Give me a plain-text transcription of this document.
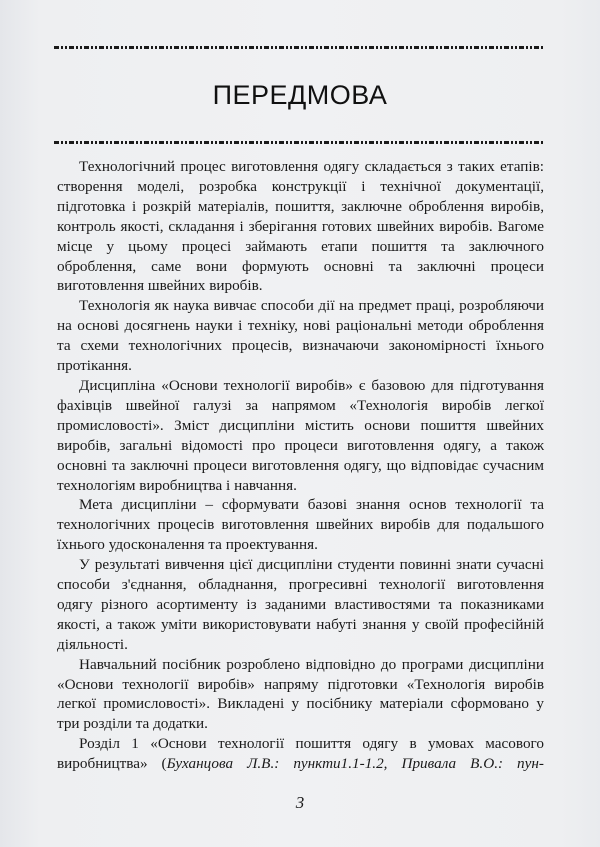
ПЕРЕДМОВА

Технологічний процес виготовлення одягу складається з таких етапів: створення моделі, розробка конструкції і технічної документації, підготовка і розкрій матеріалів, пошиття, заключне оброблення виробів, контроль якості, складання і зберігання готових швейних виробів. Вагоме місце у цьому процесі займають етапи пошиття та заключного оброблення, саме вони формують основні та заключні процеси виготовлення швейних виробів.

Технологія як наука вивчає способи дії на предмет праці, розробляючи на основі досягнень науки і техніку, нові раціональні методи оброблення та схеми технологічних процесів, визначаючи закономірності їхнього протікання.

Дисципліна «Основи технології виробів» є базовою для підготування фахівців швейної галузі за напрямом «Технологія виробів легкої промисловості». Зміст дисципліни містить основи пошиття швейних виробів, загальні відомості про процеси виготовлення одягу, а також основні та заключні процеси виготовлення одягу, що відповідає сучасним технологіям виробництва і навчання.

Мета дисципліни – сформувати базові знання основ технології та технологічних процесів виготовлення швейних виробів для подальшого їхнього удосконалення та проектування.

У результаті вивчення цієї дисципліни студенти повинні знати сучасні способи з'єднання, обладнання, прогресивні технології виготовлення одягу різного асортименту із заданими властивостями та показниками якості, а також уміти використовувати набуті знання у своїй професійній діяльності.

Навчальний посібник розроблено відповідно до програми дисципліни «Основи технології виробів» напряму підготовки «Технологія виробів легкої промисловості». Викладені у посібнику матеріали сформовано у три розділи та додатки.

Розділ 1 «Основи технології пошиття одягу в умовах масового виробництва» (Буханцова Л.В.: пункти1.1-1.2, Привала В.О.: пун-

3
